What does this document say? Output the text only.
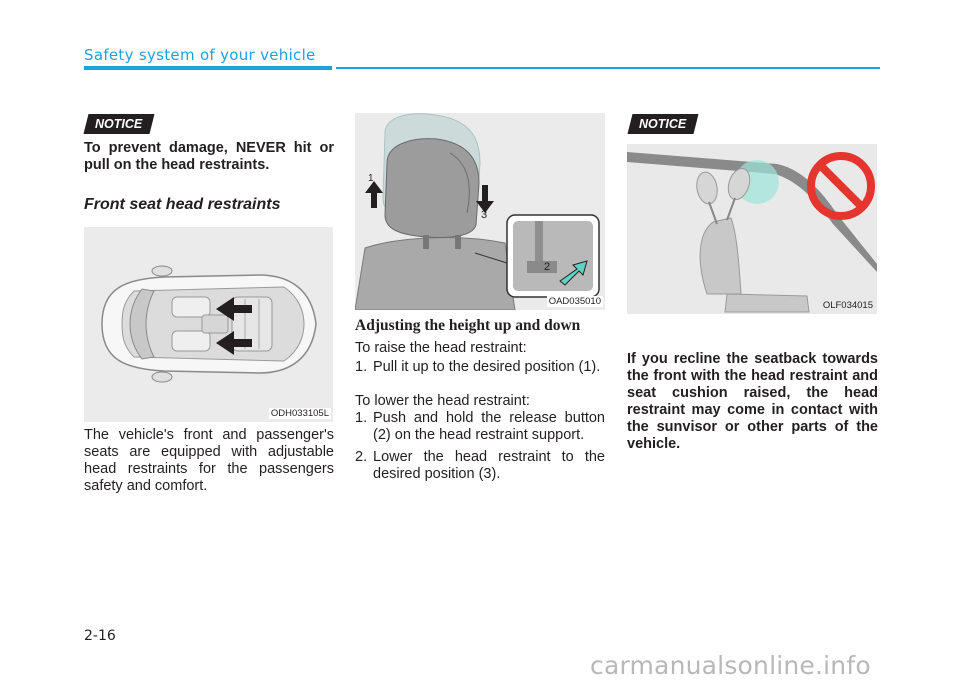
Safety system of your vehicle
NOTICE
To prevent damage, NEVER hit or pull on the head restraints.
Front seat head restraints
ODH033105L
The vehicle's front and passenger's seats are equipped with adjustable head restraints for the passengers safety and comfort.
1
3
2
OAD035010
Adjusting the height up and down
To raise the head restraint:
1. Pull it up to the desired position (1).
To lower the head restraint:
1. Push and hold the release button (2) on the head restraint support.
2. Lower the head restraint to the desired position (3).
NOTICE
OLF034015
If you recline the seatback towards the front with the head restraint and seat cushion raised, the head restraint may come in contact with the sunvisor or other parts of the vehicle.
2-16
carmanualsonline.info
